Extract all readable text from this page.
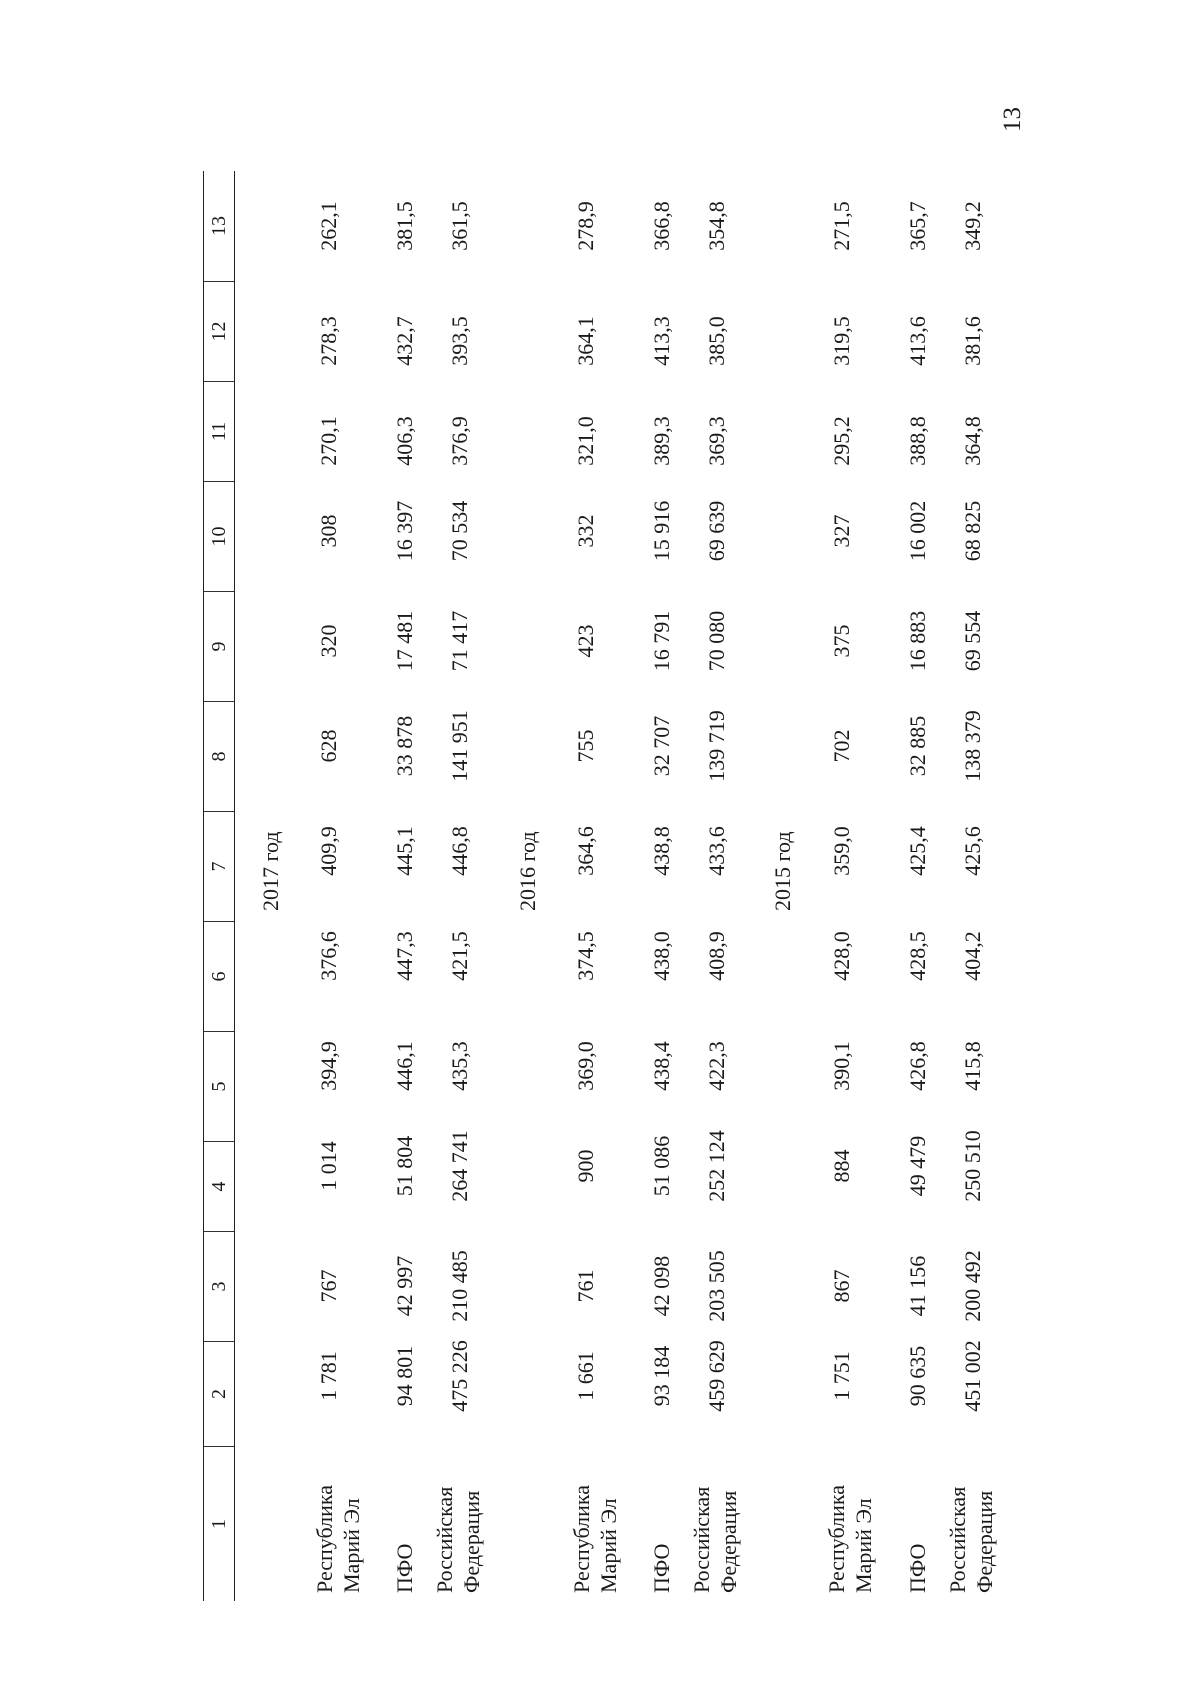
13
1
2
3
4
5
6
7
8
9
10
11
12
13
2017 год
Республика Марий Эл
1 781
767
1 014
394,9
376,6
409,9
628
320
308
270,1
278,3
262,1
ПФО
94 801
42 997
51 804
446,1
447,3
445,1
33 878
17 481
16 397
406,3
432,7
381,5
Российская Федерация
475 226
210 485
264 741
435,3
421,5
446,8
141 951
71 417
70 534
376,9
393,5
361,5
2016 год
Республика Марий Эл
1 661
761
900
369,0
374,5
364,6
755
423
332
321,0
364,1
278,9
ПФО
93 184
42 098
51 086
438,4
438,0
438,8
32 707
16 791
15 916
389,3
413,3
366,8
Российская Федерация
459 629
203 505
252 124
422,3
408,9
433,6
139 719
70 080
69 639
369,3
385,0
354,8
2015 год
Республика Марий Эл
1 751
867
884
390,1
428,0
359,0
702
375
327
295,2
319,5
271,5
ПФО
90 635
41 156
49 479
426,8
428,5
425,4
32 885
16 883
16 002
388,8
413,6
365,7
Российская Федерация
451 002
200 492
250 510
415,8
404,2
425,6
138 379
69 554
68 825
364,8
381,6
349,2
